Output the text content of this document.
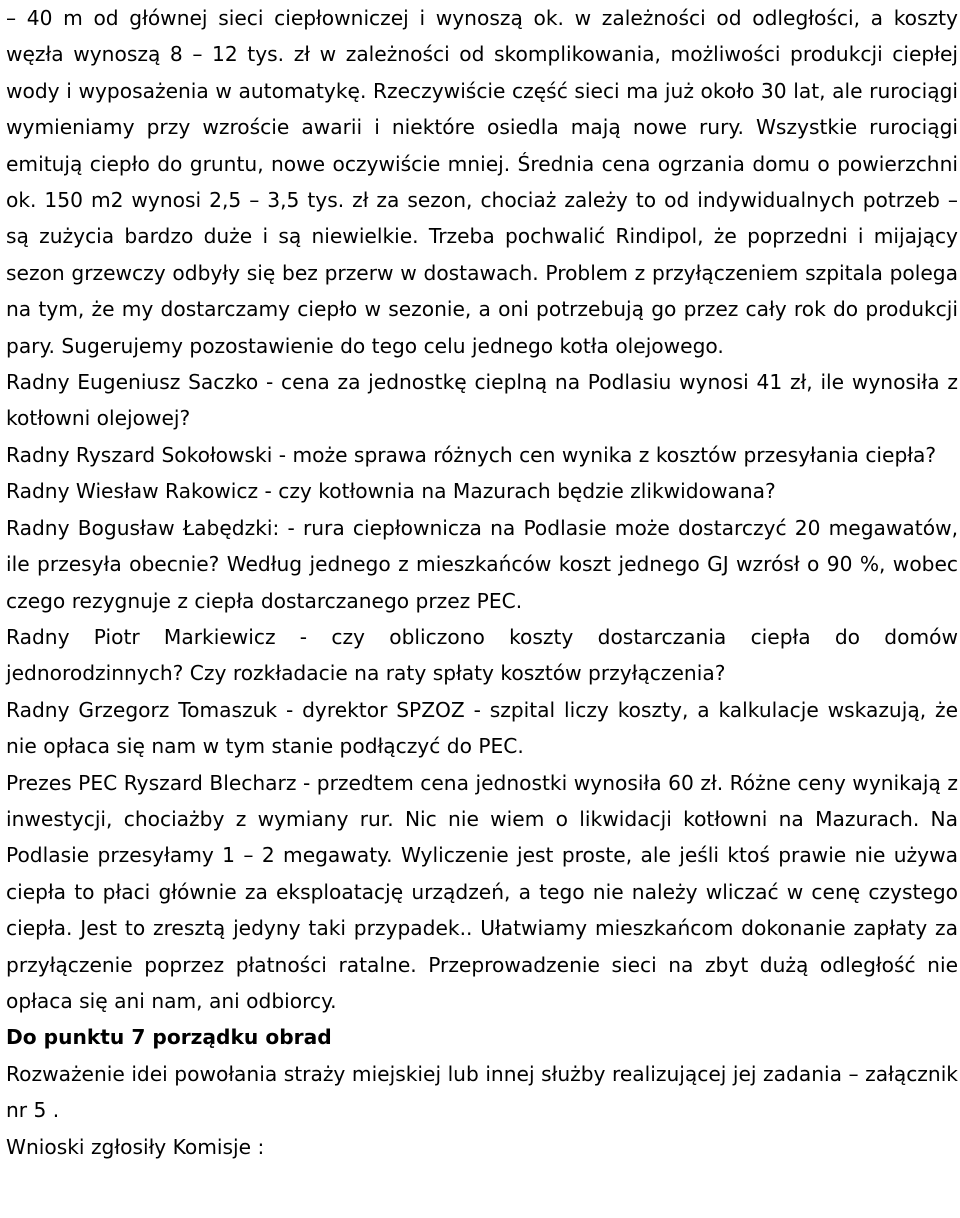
– 40 m od głównej sieci ciepłowniczej i wynoszą ok. w zależności od odległości, a koszty węzła wynoszą 8 – 12 tys. zł w zależności od skomplikowania, możliwości produkcji ciepłej wody i wyposażenia w automatykę. Rzeczywiście część sieci ma już około 30 lat, ale rurociągi wymieniamy przy wzroście awarii i niektóre osiedla mają nowe rury. Wszystkie rurociągi emitują ciepło do gruntu, nowe oczywiście mniej. Średnia cena ogrzania domu o powierzchni ok. 150 m2 wynosi 2,5 – 3,5 tys. zł za sezon, chociaż zależy to od indywidualnych potrzeb – są zużycia bardzo duże i są niewielkie. Trzeba pochwalić Rindipol, że poprzedni i mijający sezon grzewczy odbyły się bez przerw w dostawach. Problem z przyłączeniem szpitala polega na tym, że my dostarczamy ciepło w sezonie, a oni potrzebują go przez cały rok do produkcji pary. Sugerujemy pozostawienie do tego celu jednego kotła olejowego.

Radny Eugeniusz Saczko - cena za jednostkę cieplną na Podlasiu wynosi 41 zł, ile wynosiła z kotłowni olejowej?

Radny Ryszard Sokołowski - może sprawa różnych cen wynika z kosztów przesyłania ciepła?

Radny Wiesław Rakowicz - czy kotłownia na Mazurach będzie zlikwidowana?

Radny Bogusław Łabędzki: - rura ciepłownicza na Podlasie może dostarczyć 20 megawatów, ile przesyła obecnie? Według jednego z mieszkańców koszt jednego GJ wzrósł o 90 %, wobec czego rezygnuje z ciepła dostarczanego przez PEC.

Radny Piotr Markiewicz - czy obliczono koszty dostarczania ciepła do domów jednorodzinnych? Czy rozkładacie na raty spłaty kosztów przyłączenia?

Radny Grzegorz Tomaszuk - dyrektor SPZOZ - szpital liczy koszty, a kalkulacje wskazują, że nie opłaca się nam w tym stanie podłączyć do PEC.

Prezes PEC Ryszard Blecharz - przedtem cena jednostki wynosiła 60 zł. Różne ceny wynikają z inwestycji, chociażby z wymiany rur. Nic nie wiem o likwidacji kotłowni na Mazurach. Na Podlasie przesyłamy 1 – 2 megawaty. Wyliczenie jest proste, ale jeśli ktoś prawie nie używa ciepła to płaci głównie za eksploatację urządzeń, a tego nie należy wliczać w cenę czystego ciepła. Jest to zresztą jedyny taki przypadek.. Ułatwiamy mieszkańcom dokonanie zapłaty za przyłączenie poprzez płatności ratalne. Przeprowadzenie sieci na zbyt dużą odległość nie opłaca się ani nam, ani odbiorcy.

Do punktu 7 porządku obrad

Rozważenie idei powołania straży miejskiej lub innej służby realizującej jej zadania – załącznik nr 5 .

Wnioski zgłosiły Komisje :
